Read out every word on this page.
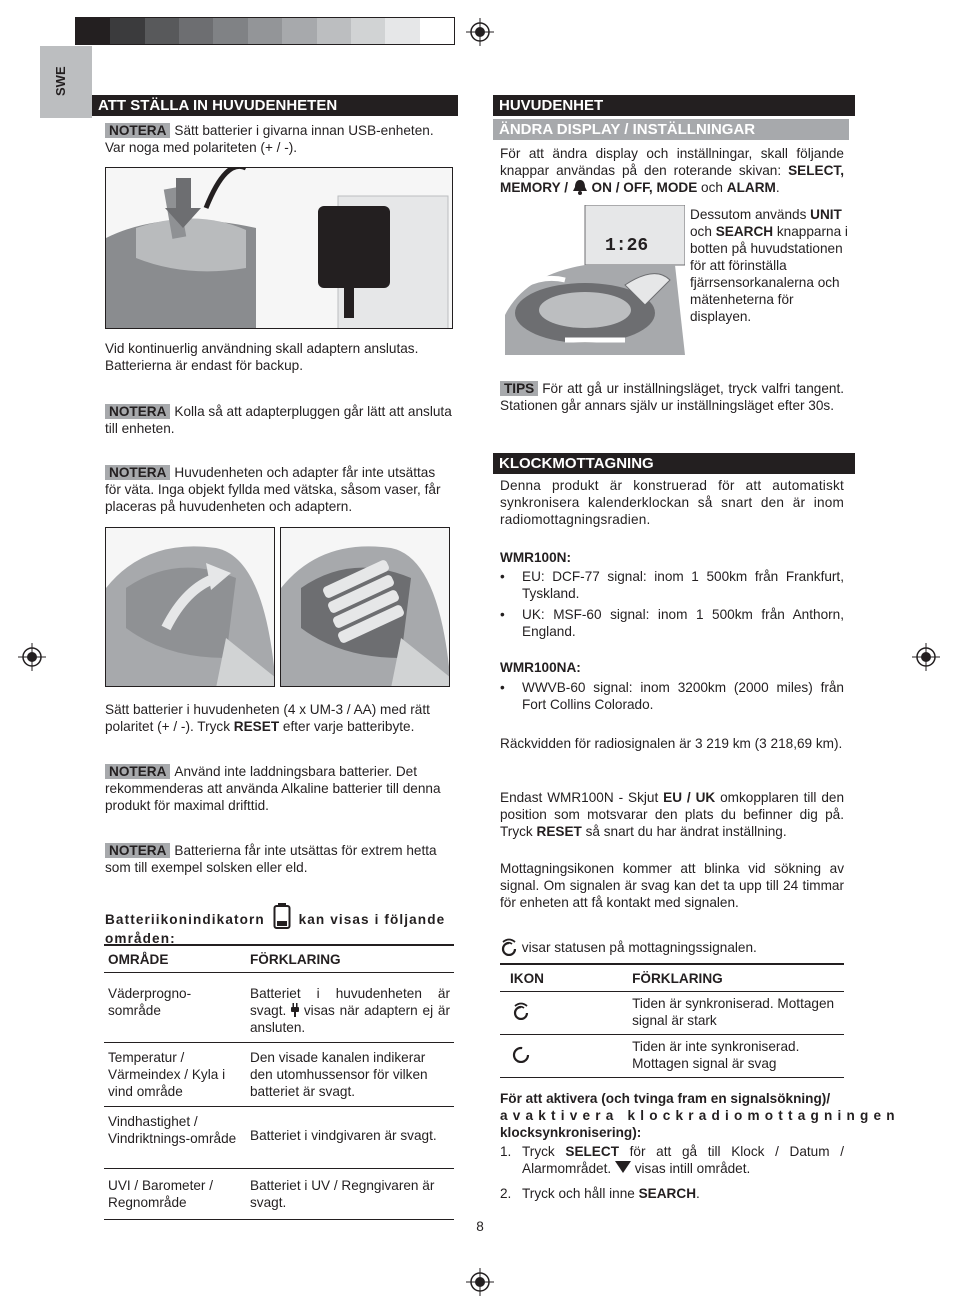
SWE
ATT STÄLLA IN HUVUDENHETEN
NOTERA Sätt batterier i givarna innan USB-enheten. Var noga med polariteten (+ / -).

Vid kontinuerlig användning skall adaptern anslutas. Batterierna är endast för backup.

NOTERA Kolla så att adapterpluggen går lätt att ansluta till enheten.
NOTERA Huvudenheten och adapter får inte utsättas för väta. Inga objekt fyllda med vätska, såsom vaser, får placeras på huvudenheten och adaptern.

Sätt batterier i huvudenheten (4 x UM-3 / AA) med rätt polaritet (+ / -). Tryck RESET efter varje batteribyte.

NOTERA Använd inte laddningsbara batterier. Det rekommenderas att använda Alkaline batterier till denna produkt för maximal drifttid.
NOTERA Batterierna får inte utsättas för extrem hetta som till exempel solsken eller eld.
Batteriikonindikatorn kan visas i följande
områden:
OMRÅDE	FÖRKLARING
Väderprogno-sområde	Batteriet i huvudenheten är svagt. visas när adaptern ej är ansluten.
Temperatur / Värmeindex / Kyla i vind område	Den visade kanalen indikerar den utomhussensor för vilken batteriet är svagt.
Vindhastighet / Vindriktnings-område	Batteriet i vindgivaren är svagt.
UVI / Barometer / Regnområde	Batteriet i UV / Regngivaren är svagt.
8
HUVUDENHET
ÄNDRA DISPLAY / INSTÄLLNINGAR

För att ändra display och inställningar, skall följande knappar användas på den roterande skivan: SELECT, MEMORY /  ON / OFF, MODE och ALARM.

1:26

Dessutom används UNIT och SEARCH knapparna i botten på huvudstationen för att förinställa fjärrsensorkanalerna och mätenheterna för displayen.

TIPS För att gå ur inställningsläget, tryck valfri tangent. Stationen går annars själv ur inställningsläget efter 30s.
KLOCKMOTTAGNING

Denna produkt är konstruerad för att automatiskt synkronisera kalenderklockan så snart den är inom radiomottagningsradien.

WMR100N:

• EU: DCF-77 signal: inom 1 500km från Frankfurt, Tyskland.
• UK: MSF-60 signal: inom 1 500km från Anthorn, England.

WMR100NA:

• WWVB-60 signal: inom 3200km (2000 miles) från Fort Collins Colorado.

Räckvidden för radiosignalen är 3 219 km (3 218,69 km).

Endast WMR100N - Skjut EU / UK omkopplaren till den position som motsvarar den plats du befinner dig på. Tryck RESET så snart du har ändrat inställning.

Mottagningsikonen kommer att blinka vid sökning av signal. Om signalen är svag kan det ta upp till 24 timmar för enheten att få kontakt med signalen.

visar statusen på mottagningssignalen.

IKON	FÖRKLARING
	Tiden är synkroniserad. Mottagen signal är stark
	Tiden är inte synkroniserad. Mottagen signal är svag
För att aktivera (och tvinga fram en signalsökning)/
avaktivera klockradiomottagningen
klocksynkronisering):
1. Tryck SELECT för att gå till Klock / Datum / Alarmområdet.  visas intill området.
2. Tryck och håll inne SEARCH.
